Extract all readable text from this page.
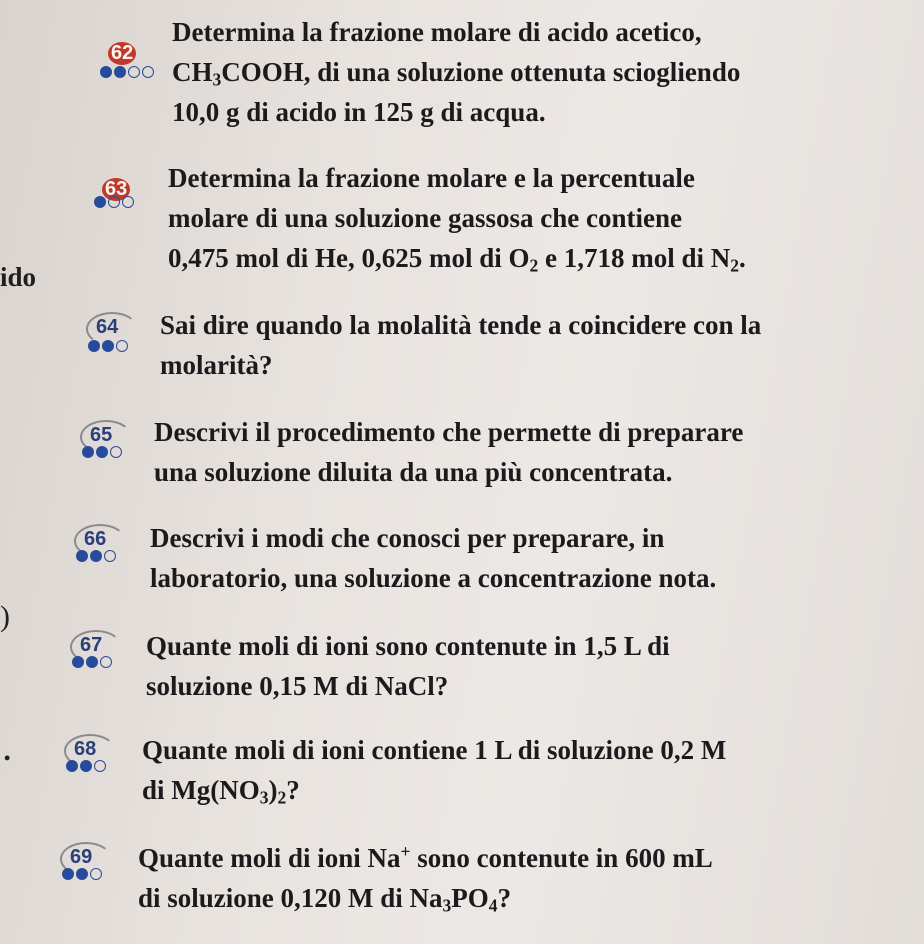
ido
)
•
62
Determina la frazione molare di acido acetico,
$CH_3COOH$, di una soluzione ottenuta sciogliendo
10,0 g di acido in 125 g di acqua.
63 Determina la frazione molare e la percentuale
molare di una soluzione gassosa che contiene
0,475 mol di He, 0,625 mol di $O_2$ e 1,718 mol di $N_2$.
64 Sai dire quando la molalità tende a coincidere con la
molarità?
65 Descrivi il procedimento che permette di preparare
una soluzione diluita da una più concentrata.
66 Descrivi i modi che conosci per preparare, in
laboratorio, una soluzione a concentrazione nota.
67 Quante moli di ioni sono contenute in 1,5 L di
soluzione 0,15 M di NaCl?
68 Quante moli di ioni contiene 1 L di soluzione 0,2 M
di $Mg(NO_3)_2$?
69 Quante moli di ioni Na+ sono contenute in 600 mL
di soluzione 0,120 M di $Na_3PO_4$?
